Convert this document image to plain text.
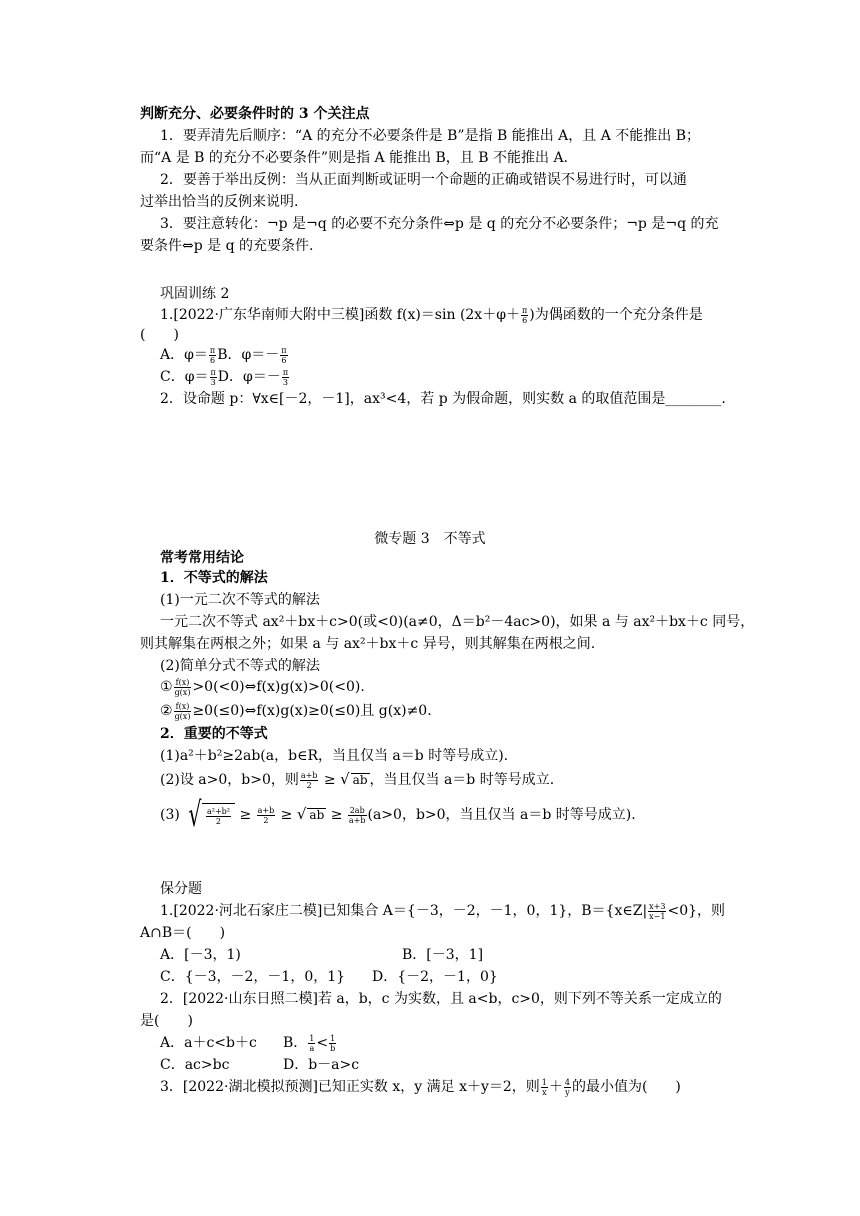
判断充分、必要条件时的 3 个关注点
1．要弄清先后顺序：“A 的充分不必要条件是 B”是指 B 能推出 A，且 A 不能推出 B；
而“A 是 B 的充分不必要条件”则是指 A 能推出 B，且 B 不能推出 A.
2．要善于举出反例：当从正面判断或证明一个命题的正确或错误不易进行时，可以通
过举出恰当的反例来说明.
3．要注意转化：¬p 是¬q 的必要不充分条件⇔p 是 q 的充分不必要条件；¬p 是¬q 的充
要条件⇔p 是 q 的充要条件.
巩固训练 2
1.[2022·广东华南师大附中三模]函数 f(x)＝sin ($2x+\varphi+ \frac{\pi}{6}$ )为偶函数的一个充分条件是
(　　)
A．$\varphi= \frac{\pi}{6}$ B．$\varphi=- \frac{\pi}{6}$
C．$\varphi= \frac{\pi}{3}$ D．$\varphi=- \frac{\pi}{3}$
2．设命题 p：∀x∈[－2，－1]，ax³<4，若 p 为假命题，则实数 a 的取值范围是________.
微专题 3　不等式
常考常用结论
1．不等式的解法
(1)一元二次不等式的解法
一元二次不等式 ax²＋bx＋c>0(或<0)(a≠0，Δ＝b²－4ac>0)，如果 a 与 ax²＋bx＋c 同号，
则其解集在两根之外；如果 a 与 ax²＋bx＋c 异号，则其解集在两根之间.
(2)简单分式不等式的解法
① $\frac{f(x)}{g(x)}$ >0(<0)⇔f(x)g(x)>0(<0).
② $\frac{f(x)}{g(x)}$ ≥0(≤0)⇔f(x)g(x)≥0(≤0)且 g(x)≠0.
2．重要的不等式
(1)a²＋b²≥2ab(a，b∈R，当且仅当 a＝b 时等号成立).
(2)设 a>0，b>0，则 $\frac{a+b}{2}$ ≥ √ ab ，当且仅当 a＝b 时等号成立.
(3) √ $\frac{\text{a²+b²}}{2} \ge \frac{a+b}{2}$ ≥ √ ab ≥ $\frac{2ab}{a+b} (a>0$，b>0，当且仅当 a＝b 时等号成立).
保分题
1.[2022·河北石家庄二模]已知集合 A＝{－3，－2，－1，0，1}，B＝{x∈Z| $\frac{x+3}{x-1} <0$}，则
A∩B＝(　　)
A．[－3，1)	B．[－3，1]
C．{－3，－2，－1，0，1}	D．{－2，－1，0}
2．[2022·山东日照二模]若 a，b，c 为实数，且 a<b，c>0，则下列不等关系一定成立的
是(　　)
A．a＋c<b＋c	B． $\frac{1}{a} < \frac{1}{b}$
C．ac>bc	D．b－a>c
3．[2022·湖北模拟预测]已知正实数 x，y 满足 x＋y＝2，则 $\frac{1}{x} + \frac{4}{y}$ 的最小值为(　　)
